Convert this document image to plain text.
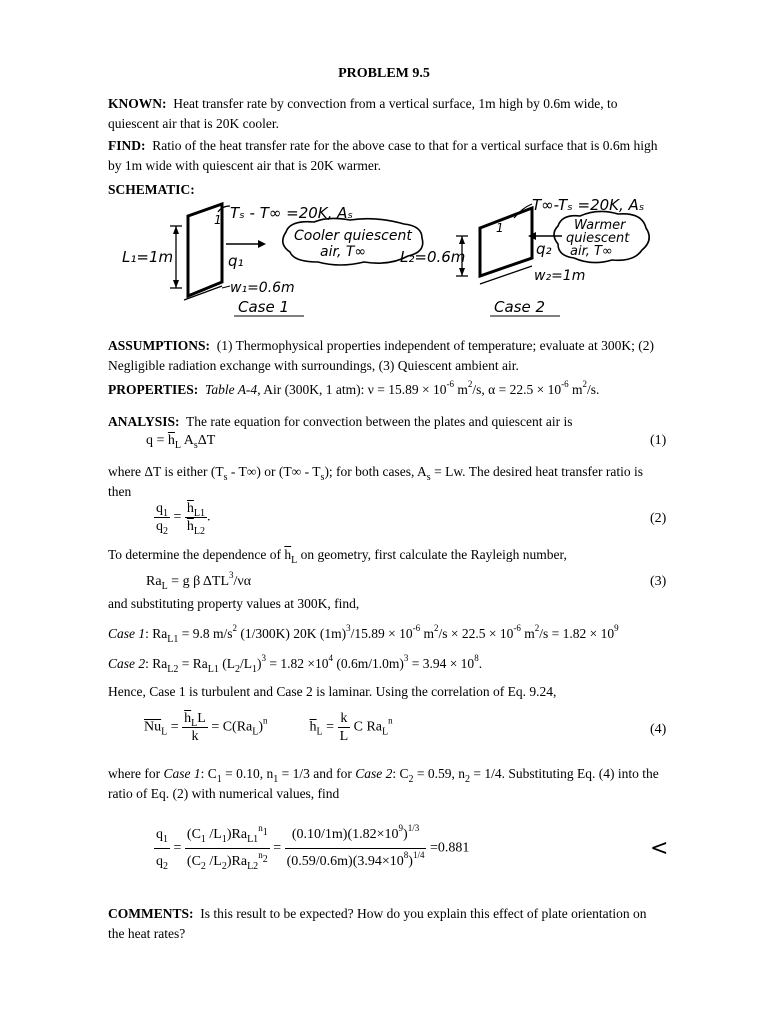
PROBLEM 9.5
KNOWN: Heat transfer rate by convection from a vertical surface, 1m high by 0.6m wide, to quiescent air that is 20K cooler.
FIND: Ratio of the heat transfer rate for the above case to that for a vertical surface that is 0.6m high by 1m wide with quiescent air that is 20K warmer.
SCHEMATIC:
q₁
L₁=1m
w₁=0.6m
1 Tₛ - T∞ =20K, Aₛ
Cooler quiescent
air, T∞
Case 1
q₂
L₂=0.6m
w₂=1m
1
T∞-Tₛ =20K, Aₛ
Warmer
quiescent
air, T∞
Case 2
ASSUMPTIONS: (1) Thermophysical properties independent of temperature; evaluate at 300K; (2) Negligible radiation exchange with surroundings, (3) Quiescent ambient air.
PROPERTIES: Table A-4, Air (300K, 1 atm): $\nu = 15.89 \times 10^{-6}$ $m^2/s$, $\alpha = 22.5 \times 10^{-6}$ $m^2/s$.
ANALYSIS: The rate equation for convection between the plates and quiescent air is
$q = \overline{h}_L$ $A_s\Delta T$	(1)
where ΔT is either $(T_s - T\infty)$ or $(T\infty - T_s)$; for both cases, $A_s = Lw$. The desired heat transfer ratio is then
$\frac{q_1}{q_2} = \frac{\overline{h}_{L1}}{\overline{h}_{L2}}$ .	(2)
To determine the dependence of $\overline{h}_L$ on geometry, first calculate the Rayleigh number,
$Ra_L = g$ β ΔTL$^3$/να	(3)
and substituting property values at 300K, find,
Case 1: $Ra_{L1} = 9.8$ $m/s^2$ (1/300K) 20K $(1m)^3/15.89 \times 10^{-6}$ $m^2/s \times 22.5 \times 10^{-6}$ $m^2/s = 1.82 \times 10^9$
Case 2: $Ra_{L2} = Ra_{L1}$ $(L_2/L_1)^3 = 1.82 \times 10^4$ $(0.6m/1.0m)^3 = 3.94 \times 10^8$.
Hence, Case 1 is turbulent and Case 2 is laminar. Using the correlation of Eq. 9.24,
$\overline{Nu}_L = \frac{\overline{h}_LL}{k} = C(Ra_L)^n$	$\overline{h}_L = \frac{k}{L}$ C $Ra_L^n$
(4)
where for Case 1: $C_1 = 0.10$, $n_1 = 1/3$ and for Case 2: $C_2 = 0.59$, $n_2 = 1/4$. Substituting Eq. (4) into the ratio of Eq. (2) with numerical values, find
$\frac{q_1}{q_2} = \frac{(C_1 /L_1)Ra_{L1}^{n_1}}{(C_2 /L_2)Ra_{L2}^{n_2}} = \frac{(0.10/1m)(1.82\times 10^9)^{1/3}}{(0.59/0.6m)(3.94\times 10^8)^{1/4}} =0.881$	<
COMMENTS: Is this result to be expected? How do you explain this effect of plate orientation on the heat rates?
